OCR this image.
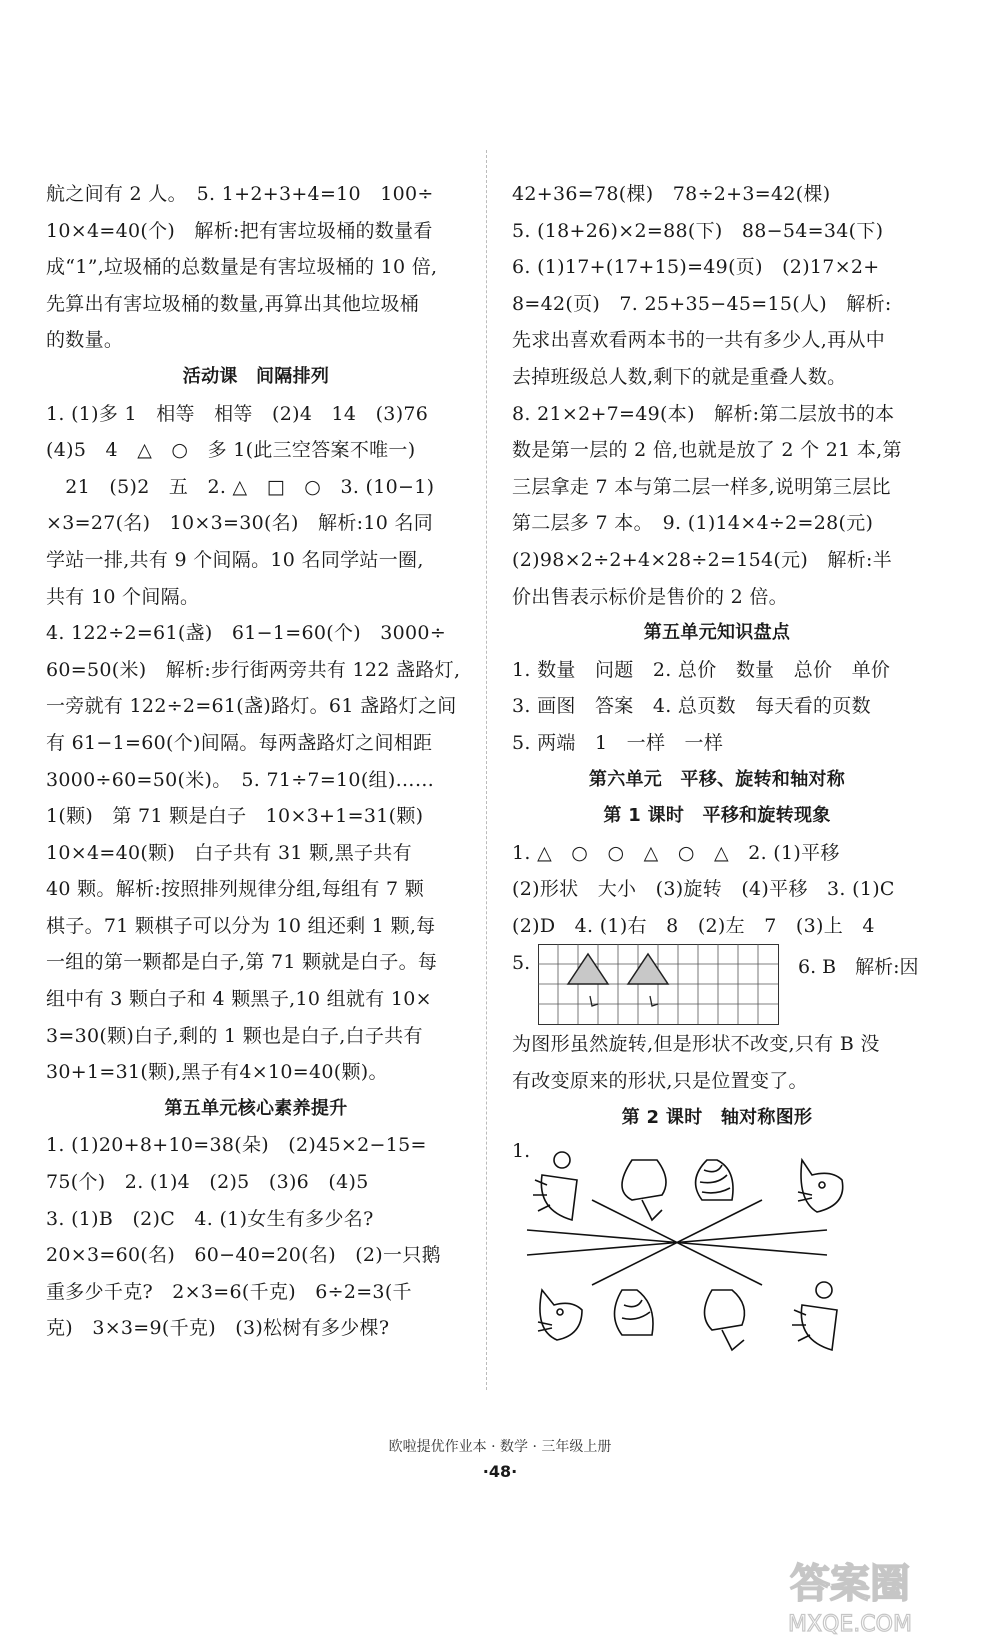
航之间有 2 人。　5. 1+2+3+4=10　100÷
10×4=40(个)　解析:把有害垃圾桶的数量看
成“1”,垃圾桶的总数量是有害垃圾桶的 10 倍,
先算出有害垃圾桶的数量,再算出其他垃圾桶
的数量。
活动课　间隔排列
1. (1)多 1　相等　相等　(2)4　14　(3)76
(4)5　4　△　○　多 1(此三空答案不唯一)
　21　(5)2　五　2. △　□　○　3. (10−1)
×3=27(名)　10×3=30(名)　解析:10 名同
学站一排,共有 9 个间隔。10 名同学站一圈,
共有 10 个间隔。
4. 122÷2=61(盏)　61−1=60(个)　3000÷
60=50(米)　解析:步行街两旁共有 122 盏路灯,
一旁就有 122÷2=61(盏)路灯。61 盏路灯之间
有 61−1=60(个)间隔。每两盏路灯之间相距
3000÷60=50(米)。　5. 71÷7=10(组)……
1(颗)　第 71 颗是白子　10×3+1=31(颗)
10×4=40(颗)　白子共有 31 颗,黑子共有
40 颗。解析:按照排列规律分组,每组有 7 颗
棋子。71 颗棋子可以分为 10 组还剩 1 颗,每
一组的第一颗都是白子,第 71 颗就是白子。每
组中有 3 颗白子和 4 颗黑子,10 组就有 10×
3=30(颗)白子,剩的 1 颗也是白子,白子共有
30+1=31(颗),黑子有4×10=40(颗)。
第五单元核心素养提升
1. (1)20+8+10=38(朵)　(2)45×2−15=
75(个)　2. (1)4　(2)5　(3)6　(4)5
3. (1)B　(2)C　4. (1)女生有多少名?
20×3=60(名)　60−40=20(名)　(2)一只鹅
重多少千克?　2×3=6(千克)　6÷2=3(千
克)　3×3=9(千克)　(3)松树有多少棵?
42+36=78(棵)　78÷2+3=42(棵)
5. (18+26)×2=88(下)　88−54=34(下)
6. (1)17+(17+15)=49(页)　(2)17×2+
8=42(页)　7. 25+35−45=15(人)　解析:
先求出喜欢看两本书的一共有多少人,再从中
去掉班级总人数,剩下的就是重叠人数。
8. 21×2+7=49(本)　解析:第二层放书的本
数是第一层的 2 倍,也就是放了 2 个 21 本,第
三层拿走 7 本与第二层一样多,说明第三层比
第二层多 7 本。　9. (1)14×4÷2=28(元)
(2)98×2÷2+4×28÷2=154(元)　解析:半
价出售表示标价是售价的 2 倍。
第五单元知识盘点
1. 数量　问题　2. 总价　数量　总价　单价
3. 画图　答案　4. 总页数　每天看的页数
5. 两端　1　一样　一样
第六单元　平移、旋转和轴对称
第 1 课时　平移和旋转现象
1. △　○　○　△　○　△　2. (1)平移
(2)形状　大小　(3)旋转　(4)平移　3. (1)C
(2)D　4. (1)右　8　(2)左　7　(3)上　4
5.	6. B　解析:因
为图形虽然旋转,但是形状不改变,只有 B 没
有改变原来的形状,只是位置变了。
第 2 课时　轴对称图形
1.
欧啦提优作业本 · 数学 · 三年级上册
·48·
答案圈
MXQE.COM
